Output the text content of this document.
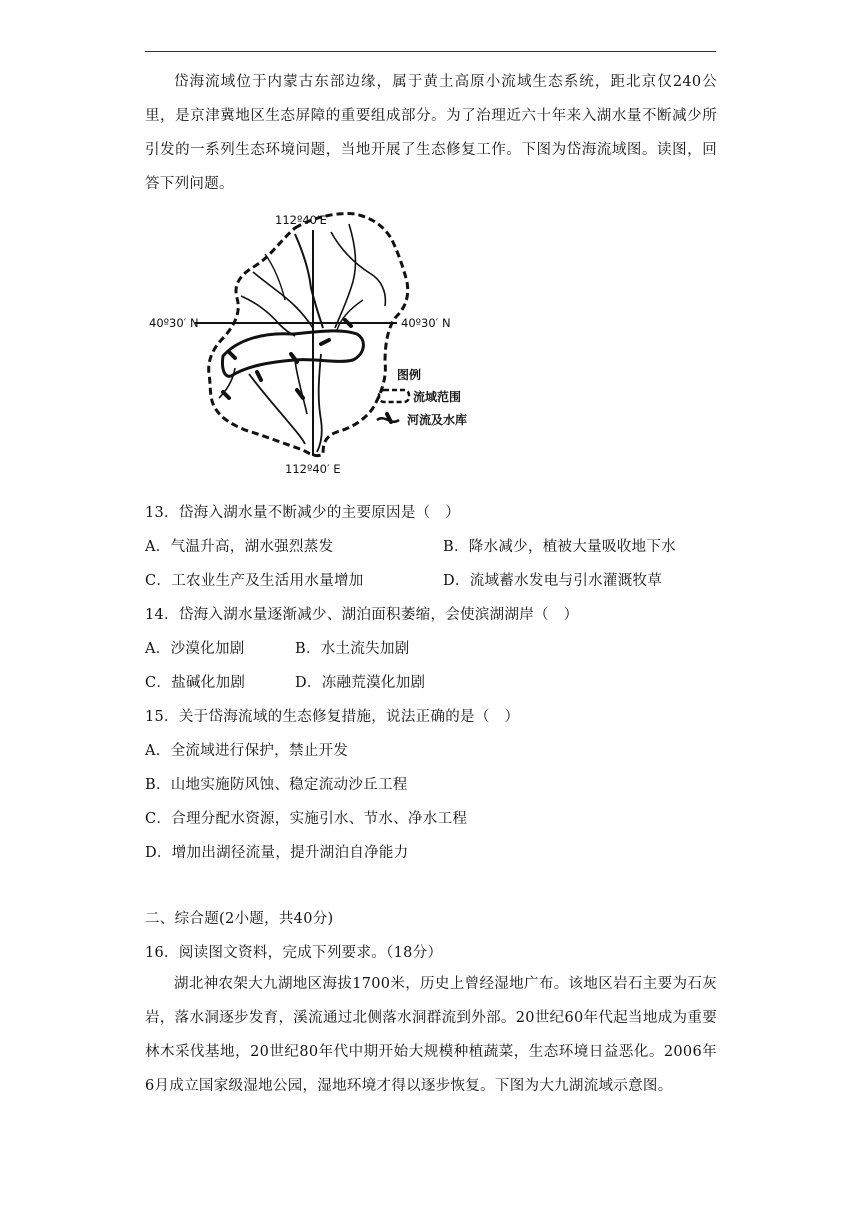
岱海流域位于内蒙古东部边缘，属于黄土高原小流域生态系统，距北京仅240公里，是京津冀地区生态屏障的重要组成部分。为了治理近六十年来入湖水量不断减少所引发的一系列生态环境问题，当地开展了生态修复工作。下图为岱海流域图。读图，回答下列问题。
112º40′E
40º30′ N	40º30′ N
112º40′ E
图例
流域范围
河流及水库
13．岱海入湖水量不断减少的主要原因是（　）
A．气温升高，湖水强烈蒸发	B．降水减少，植被大量吸收地下水
C．工农业生产及生活用水量增加	D．流域蓄水发电与引水灌溉牧草
14．岱海入湖水量逐渐减少、湖泊面积萎缩，会使滨湖湖岸（　）
A．沙漠化加剧	B．水土流失加剧
C．盐碱化加剧	D．冻融荒漠化加剧
15．关于岱海流域的生态修复措施，说法正确的是（　）
A．全流域进行保护，禁止开发
B．山地实施防风蚀、稳定流动沙丘工程
C．合理分配水资源，实施引水、节水、净水工程
D．增加出湖径流量，提升湖泊自净能力
二、综合题(2小题，共40分)
16．阅读图文资料，完成下列要求。（18分）
湖北神农架大九湖地区海拔1700米，历史上曾经湿地广布。该地区岩石主要为石灰岩，落水洞逐步发育，溪流通过北侧落水洞群流到外部。20世纪60年代起当地成为重要林木采伐基地，20世纪80年代中期开始大规模种植蔬菜，生态环境日益恶化。2006年6月成立国家级湿地公园，湿地环境才得以逐步恢复。下图为大九湖流域示意图。
